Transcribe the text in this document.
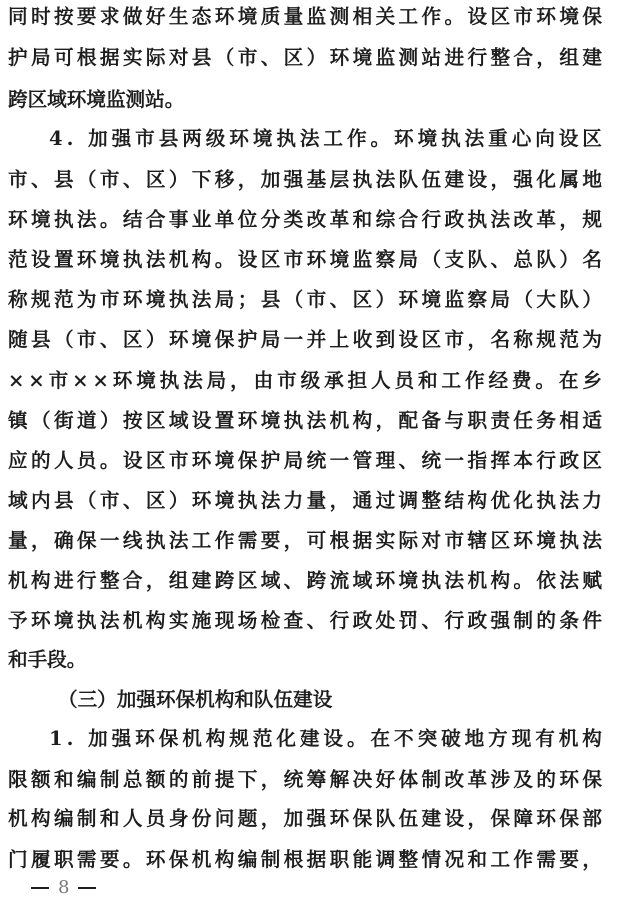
同时按要求做好生态环境质量监测相关工作。设区市环境保
护局可根据实际对县（市、区）环境监测站进行整合，组建
跨区域环境监测站。
4. 加强市县两级环境执法工作。环境执法重心向设区
市、县（市、区）下移，加强基层执法队伍建设，强化属地
环境执法。结合事业单位分类改革和综合行政执法改革，规
范设置环境执法机构。设区市环境监察局（支队、总队）名
称规范为市环境执法局；县（市、区）环境监察局（大队）
随县（市、区）环境保护局一并上收到设区市，名称规范为
××市××环境执法局，由市级承担人员和工作经费。在乡
镇（街道）按区域设置环境执法机构，配备与职责任务相适
应的人员。设区市环境保护局统一管理、统一指挥本行政区
域内县（市、区）环境执法力量，通过调整结构优化执法力
量，确保一线执法工作需要，可根据实际对市辖区环境执法
机构进行整合，组建跨区域、跨流域环境执法机构。依法赋
予环境执法机构实施现场检查、行政处罚、行政强制的条件
和手段。
（三）加强环保机构和队伍建设
1. 加强环保机构规范化建设。在不突破地方现有机构
限额和编制总额的前提下，统筹解决好体制改革涉及的环保
机构编制和人员身份问题，加强环保队伍建设，保障环保部
门履职需要。环保机构编制根据职能调整情况和工作需要，
8
